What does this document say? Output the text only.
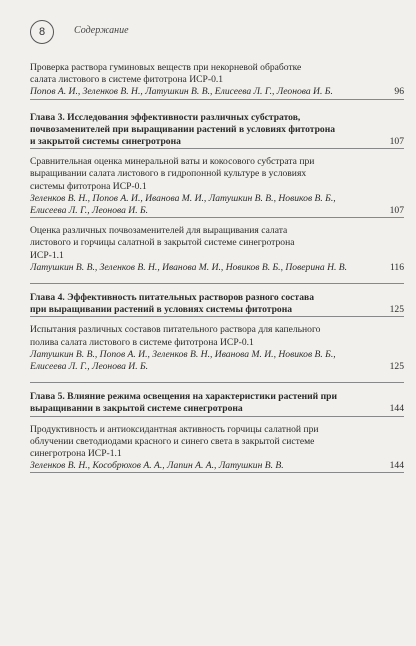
8	Содержание
Проверка раствора гуминовых веществ при некорневой обработке
салата листового в системе фитотрона ИСР-0.1
Попов А. И., Зеленков В. Н., Латушкин В. В., Елисеева Л. Г., Леонова И. Б.	96
Глава 3. Исследования эффективности различных субстратов,
почвозаменителей при выращивании растений в условиях фитотрона
и закрытой системы синегротрона	107
Сравнительная оценка минеральной ваты и кокосового субстрата при
выращивании салата листового в гидропонной культуре в условиях
системы фитотрона ИСР-0.1
Зеленков В. Н., Попов А. И., Иванова М. И., Латушкин В. В., Новиков В. Б.,
Елисеева Л. Г., Леонова И. Б.	107
Оценка различных почвозаменителей для выращивания салата
листового и горчицы салатной в закрытой системе синегротрона
ИСР-1.1
Латушкин В. В., Зеленков В. Н., Иванова М. И., Новиков В. Б., Поверина Н. В.	116
Глава 4. Эффективность питательных растворов разного состава
при выращивании растений в условиях системы фитотрона	125
Испытания различных составов питательного раствора для капельного
полива салата листового в системе фитотрона ИСР-0.1
Латушкин В. В., Попов А. И., Зеленков В. Н., Иванова М. И., Новиков В. Б.,
Елисеева Л. Г., Леонова И. Б.	125
Глава 5. Влияние режима освещения на характеристики растений при
выращивании в закрытой системе синегротрона	144
Продуктивность и антиоксидантная активность горчицы салатной при
облучении светодиодами красного и синего света в закрытой системе
синегротрона ИСР-1.1
Зеленков В. Н., Кособрюхов А. А., Лапин А. А., Латушкин В. В.	144
